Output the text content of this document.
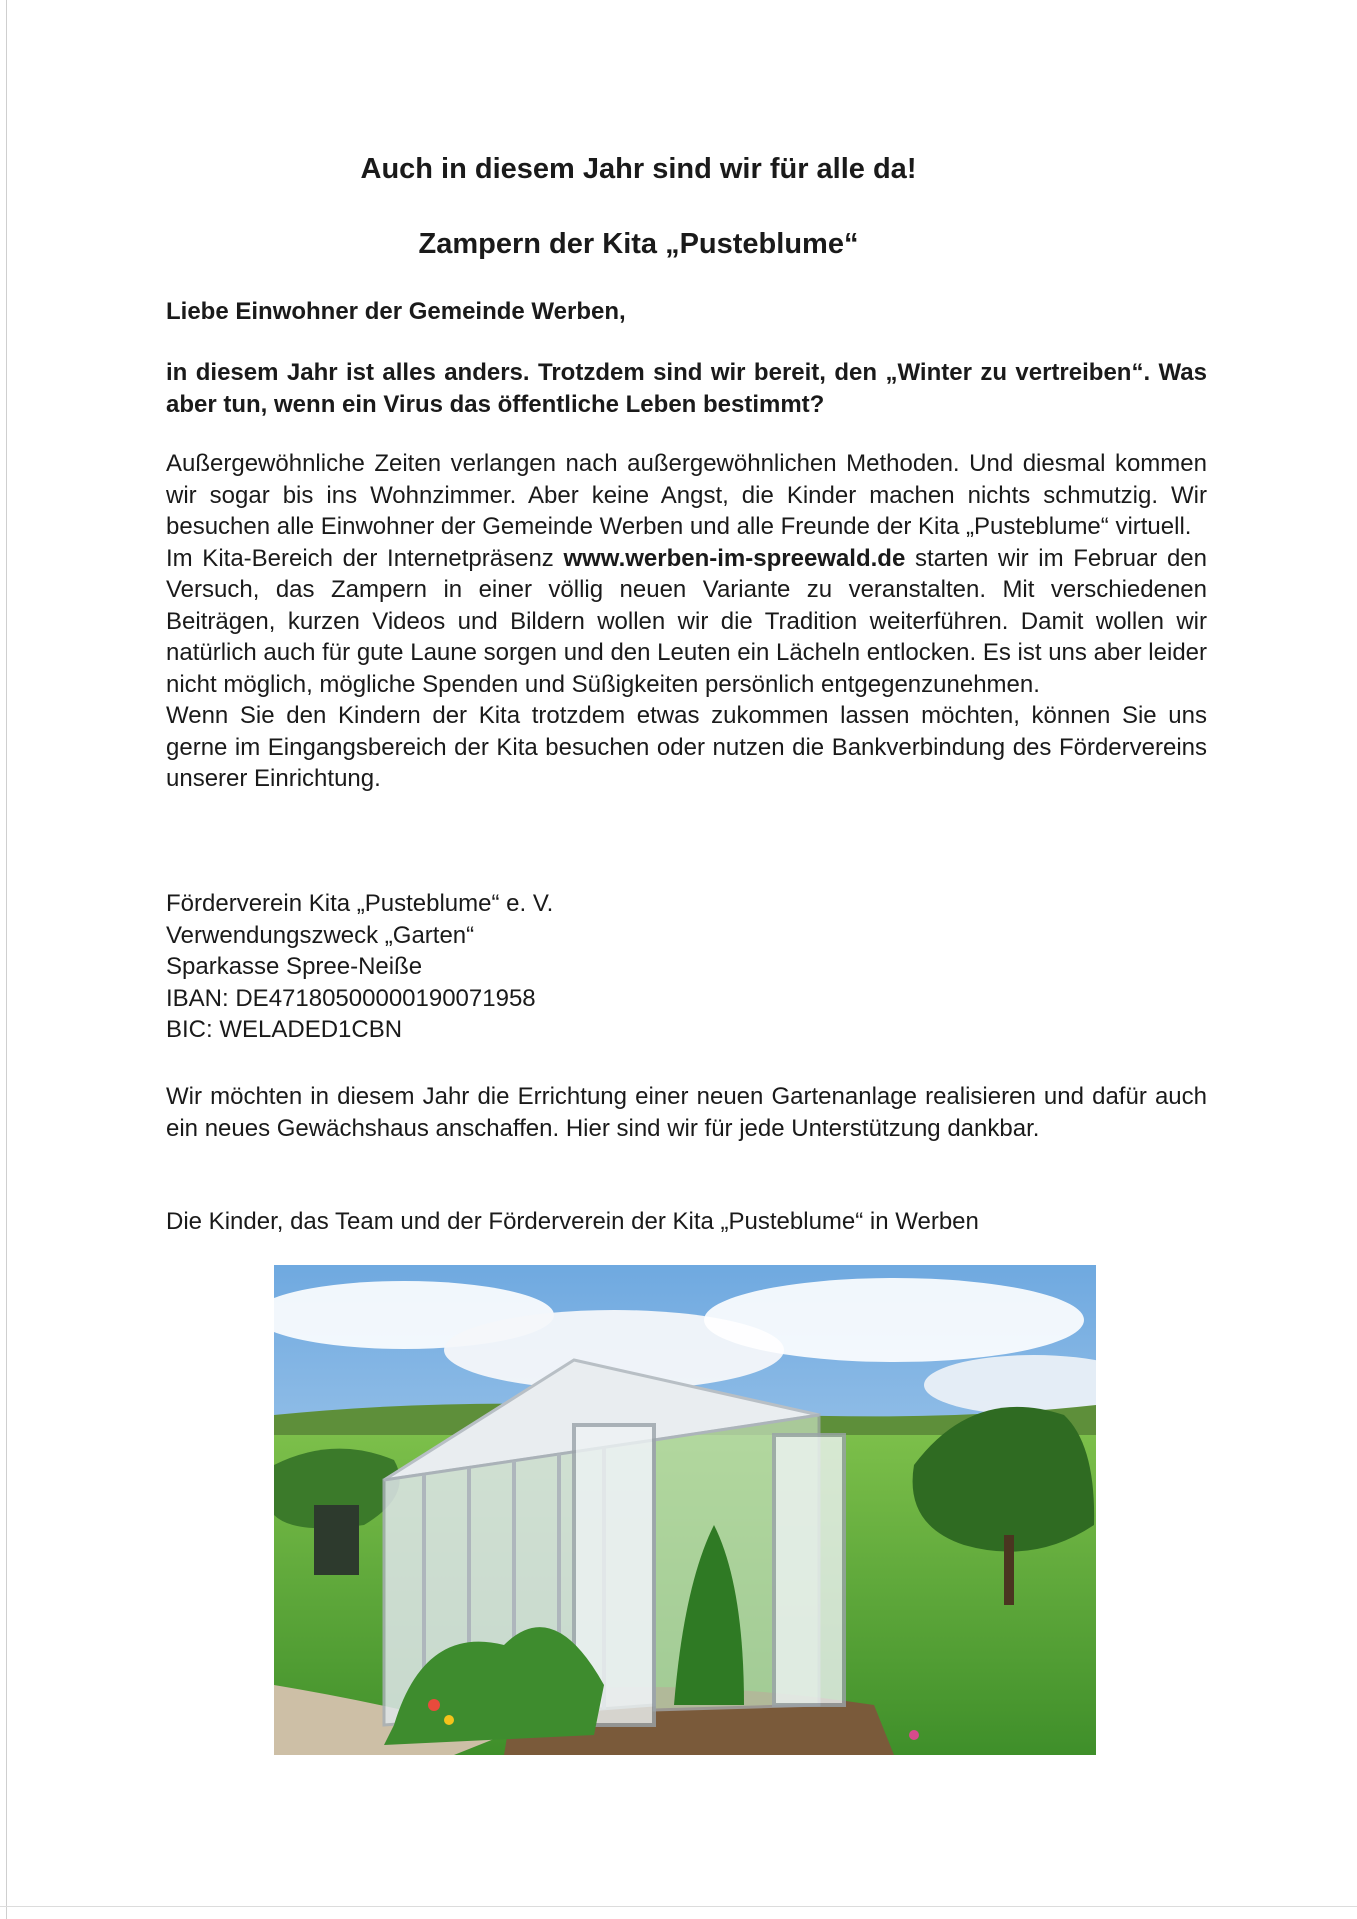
Auch in diesem Jahr sind wir für alle da!
Zampern der Kita „Pusteblume“

Liebe Einwohner der Gemeinde Werben,

in diesem Jahr ist alles anders. Trotzdem sind wir bereit, den „Winter zu vertreiben“. Was aber tun, wenn ein Virus das öffentliche Leben bestimmt?

Außergewöhnliche Zeiten verlangen nach außergewöhnlichen Methoden. Und diesmal kommen wir sogar bis ins Wohnzimmer. Aber keine Angst, die Kinder machen nichts schmutzig. Wir besuchen alle Einwohner der Gemeinde Werben und alle Freunde der Kita „Pusteblume“ virtuell.
Im Kita-Bereich der Internetpräsenz www.werben-im-spreewald.de starten wir im Februar den Versuch, das Zampern in einer völlig neuen Variante zu veranstalten. Mit verschiedenen Beiträgen, kurzen Videos und Bildern wollen wir die Tradition weiterführen. Damit wollen wir natürlich auch für gute Laune sorgen und den Leuten ein Lächeln entlocken. Es ist uns aber leider nicht möglich, mögliche Spenden und Süßigkeiten persönlich entgegenzunehmen.
Wenn Sie den Kindern der Kita trotzdem etwas zukommen lassen möchten, können Sie uns gerne im Eingangsbereich der Kita besuchen oder nutzen die Bankverbindung des Fördervereins unserer Einrichtung.
Förderverein Kita „Pusteblume“ e. V.
Verwendungszweck „Garten“
Sparkasse Spree-Neiße
IBAN: DE47180500000190071958
BIC: WELADED1CBN

Wir möchten in diesem Jahr die Errichtung einer neuen Gartenanlage realisieren und dafür auch ein neues Gewächshaus anschaffen. Hier sind wir für jede Unterstützung dankbar.

Die Kinder, das Team und der Förderverein der Kita „Pusteblume“ in Werben
